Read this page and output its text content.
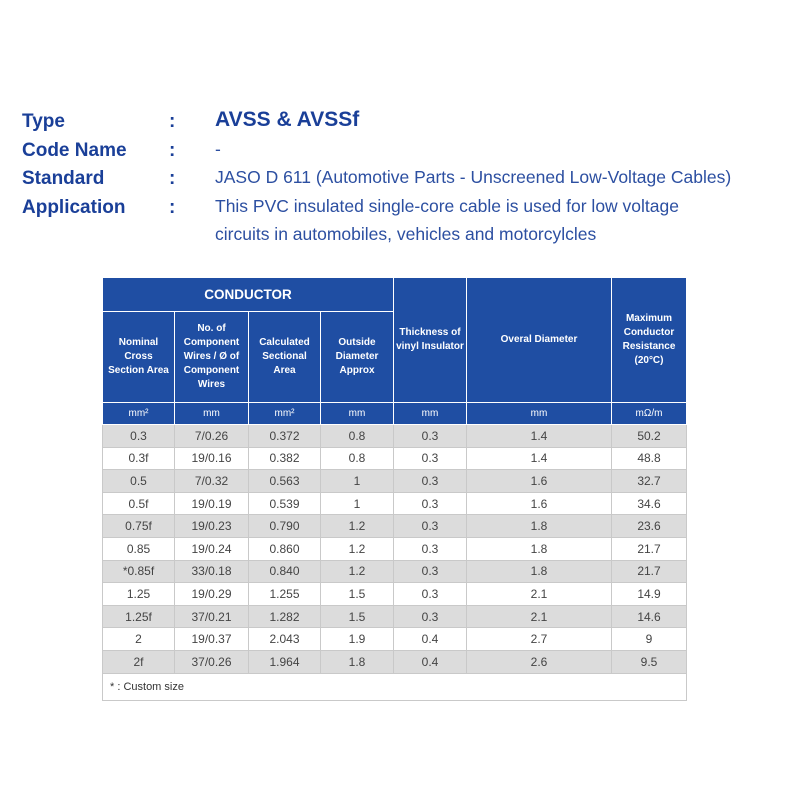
Type	: AVSS & AVSSf
Code Name : -
Standard	: JASO D 611 (Automotive Parts - Unscreened Low-Voltage Cables)
Application : This PVC insulated single-core cable is used for low voltage
circuits in automobiles, vehicles and motorcylcles
CONDUCTOR				Thickness of vinyl Insulator	Overal Diameter	Maximum Conductor Resistance (20°C)
Nominal Cross Section Area	No. of Component Wires / Ø of Component Wires	Calculated Sectional Area	Outside Diameter Approx			
mm²	mm	mm²	mm	mm	mm	mΩ/m
0.3	7/0.26	0.372	0.8	0.3	1.4	50.2
0.3f	19/0.16	0.382	0.8	0.3	1.4	48.8
0.5	7/0.32	0.563	1	0.3	1.6	32.7
0.5f	19/0.19	0.539	1	0.3	1.6	34.6
0.75f	19/0.23	0.790	1.2	0.3	1.8	23.6
0.85	19/0.24	0.860	1.2	0.3	1.8	21.7
*0.85f	33/0.18	0.840	1.2	0.3	1.8	21.7
1.25	19/0.29	1.255	1.5	0.3	2.1	14.9
1.25f	37/0.21	1.282	1.5	0.3	2.1	14.6
2	19/0.37	2.043	1.9	0.4	2.7	9
2f	37/0.26	1.964	1.8	0.4	2.6	9.5
* : Custom size						
